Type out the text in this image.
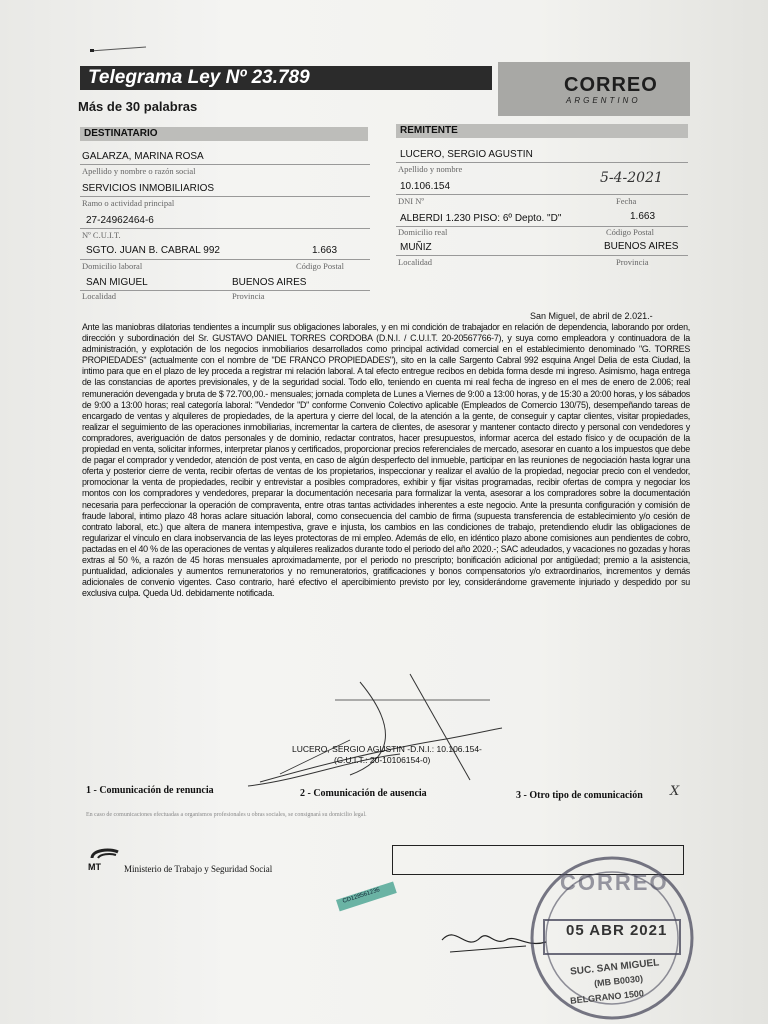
Telegrama Ley Nº 23.789
Más de 30 palabras
CORREO
ARGENTINO
DESTINATARIO
GALARZA, MARINA ROSA
Apellido y nombre o razón social
SERVICIOS INMOBILIARIOS
Ramo o actividad principal
27-24962464-6
Nº C.U.I.T.
SGTO. JUAN B. CABRAL 992	1.663
Domicilio laboral	Código Postal
SAN MIGUEL	BUENOS AIRES
Localidad	Provincia
REMITENTE
LUCERO, SERGIO AGUSTIN
Apellido y nombre
10.106.154
5-4-2021
DNI Nº	Fecha
ALBERDI 1.230 PISO: 6º Depto. "D"	1.663
Domicilio real	Código Postal
MUÑIZ	BUENOS AIRES
Localidad	Provincia
San Miguel, de abril de 2.021.-

Ante las maniobras dilatorias tendientes a incumplir sus obligaciones laborales, y en mi condición de trabajador en relación de dependencia, laborando por orden, dirección y subordinación del Sr. GUSTAVO DANIEL TORRES CORDOBA (D.N.I. / C.U.I.T. 20-20567766-7), y suya como empleadora y continuadora de la administración, y explotación de los negocios inmobiliarios desarrollados como principal actividad comercial en el establecimiento denominado "G. TORRES PROPIEDADES" (actualmente con el nombre de "DE FRANCO PROPIEDADES"), sito en la calle Sargento Cabral 992 esquina Angel Delia de esta Ciudad, la intimo para que en el plazo de ley proceda a registrar mi relación laboral. A tal efecto entregue recibos en debida forma desde mi ingreso. Asimismo, haga entrega de las constancias de aportes previsionales, y de la seguridad social. Todo ello, teniendo en cuenta mi real fecha de ingreso en el mes de enero de 2.006; real remuneración devengada y bruta de $ 72.700,00.- mensuales; jornada completa de Lunes a Viernes de 9:00 a 13:00 horas, y de 15:30 a 20:00 horas, y los sábados de 9:00 a 13:00 horas; real categoría laboral: "Vendedor "D" conforme Convenio Colectivo aplicable (Empleados de Comercio 130/75), desempeñando tareas de encargado de ventas y alquileres de propiedades, de la apertura y cierre del local, de la atención a la gente, de conseguir y captar clientes, visitar propiedades, realizar el seguimiento de las operaciones inmobiliarias, incrementar la cartera de clientes, de asesorar y mantener contacto directo y personal con vendedores y compradores, averiguación de datos personales y de dominio, redactar contratos, hacer presupuestos, informar acerca del estado físico y de ocupación de la propiedad en venta, solicitar informes, interpretar planos y certificados, proporcionar precios referenciales de mercado, asesorar en cuanto a los impuestos que debe de pagar el comprador y vendedor, atención de post venta, en caso de algún desperfecto del inmueble, participar en las reuniones de negociación hasta lograr una oferta y posterior cierre de venta, recibir ofertas de ventas de los propietarios, inspeccionar y realizar el avalúo de la propiedad, negociar precio con el vendedor, promocionar la venta de propiedades, recibir y entrevistar a posibles compradores, exhibir y fijar visitas programadas, recibir ofertas de compra y negociar los montos con los compradores y vendedores, preparar la documentación necesaria para formalizar la venta, asesorar a los compradores sobre la documentación necesaria para perfeccionar la operación de compraventa, entre otras tantas actividades inherentes a este negocio. Ante la presunta configuración y comisión de fraude laboral, intimo plazo 48 horas aclare situación laboral, como consecuencia del cambio de firma (supuesta transferencia de establecimiento y/o cesión de contrato laboral, etc.) que altera de manera intempestiva, grave e injusta, los cambios en las condiciones de trabajo, pretendiendo eludir las obligaciones de regularizar el vínculo en clara inobservancia de las leyes protectoras de mi empleo. Además de ello, en idéntico plazo abone comisiones aun pendientes de cobro, pactadas en el 40 % de las operaciones de ventas y alquileres realizados durante todo el periodo del año 2020.-; SAC adeudados, y vacaciones no gozadas y horas extras al 50 %, a razón de 45 horas mensuales aproximadamente, por el periodo no prescripto; bonificación adicional por antigüedad; premio a la asistencia, puntualidad, adicionales y aumentos remuneratorios y no remuneratorios, gratificaciones y bonos compensatorios y/o extraordinarios, incrementos y demás adicionales de convenio vigentes. Caso contrario, haré efectivo el apercibimiento previsto por ley, considerándome gravemente injuriado y despedido por su exclusiva culpa. Queda Ud. debidamente notificada.

LUCERO, SERGIO AGUSTIN -D.N.I.: 10.106.154-
(C.U.I.T.: 20-10106154-0)
1 - Comunicación de renuncia	2 - Comunicación de ausencia	3 - Otro tipo de comunicación X
En caso de comunicaciones efectuadas a organismos profesionales u obras sociales, se consignará su domicilio legal.
MT	Ministerio de Trabajo y Seguridad Social
CD128561236
CORREO
05 ABR 2021
SUC. SAN MIGUEL
(MB B0030)
BELGRANO 1500
